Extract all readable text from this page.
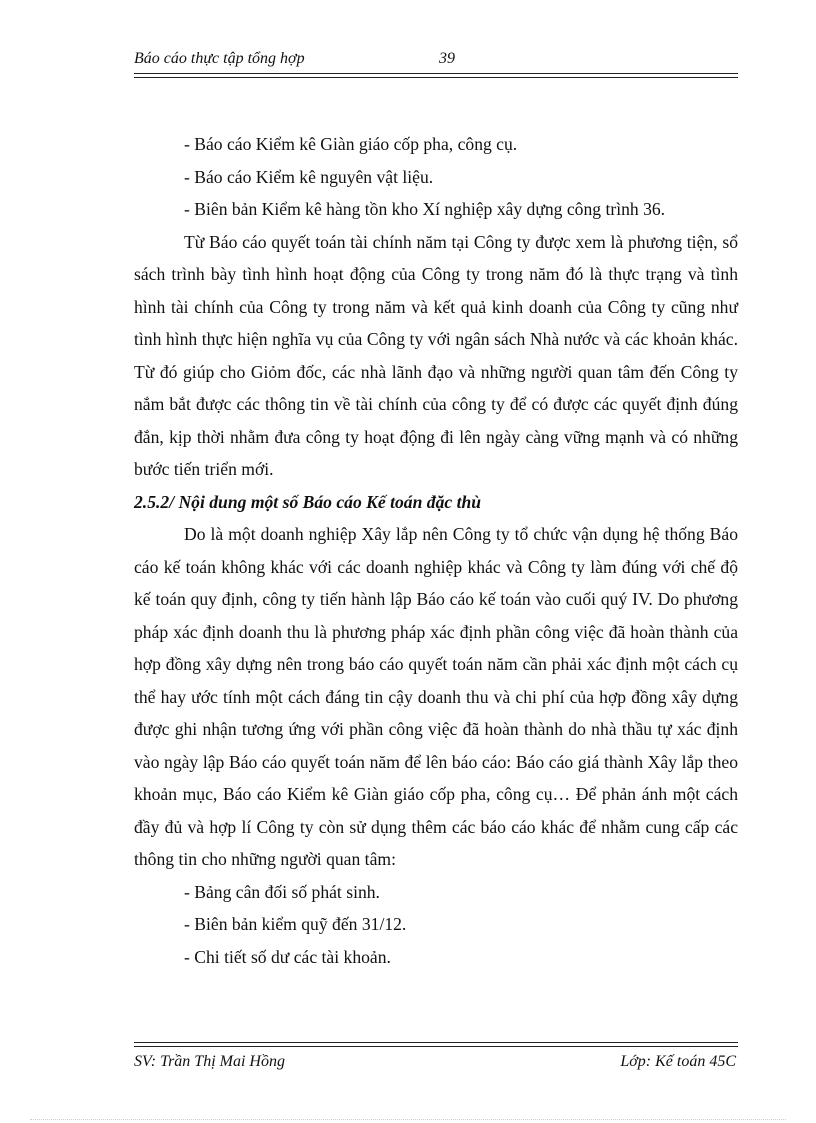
Báo cáo thực tập tổng hợp	39

- Báo cáo Kiểm kê Giàn giáo cốp pha, công cụ.

- Báo cáo Kiểm kê nguyên vật liệu.

- Biên bản Kiểm kê hàng tồn kho Xí nghiệp xây dựng công trình 36.

Từ Báo cáo quyết toán tài chính năm tại Công ty được xem là phương tiện, sổ sách trình bày tình hình hoạt động của Công ty trong năm đó là thực trạng và tình hình tài chính của Công ty trong năm và kết quả kinh doanh của Công ty cũng như tình hình thực hiện nghĩa vụ của Công ty với ngân sách Nhà nước và các khoản khác. Từ đó giúp cho Giỏm đốc, các nhà lãnh đạo và những người quan tâm đến Công ty nắm bắt được các thông tin về tài chính của công ty để có được các quyết định đúng đắn, kịp thời nhằm đưa công ty hoạt động đi lên ngày càng vững mạnh và có những bước tiến triển mới.

2.5.2/ Nội dung một số Báo cáo Kế toán đặc thù

Do là một doanh nghiệp Xây lắp nên Công ty tổ chức vận dụng hệ thống Báo cáo kế toán không khác với các doanh nghiệp khác và Công ty làm đúng với chế độ kế toán quy định, công ty tiến hành lập Báo cáo kế toán vào cuối quý IV. Do phương pháp xác định doanh thu là phương pháp xác định phần công việc đã hoàn thành của hợp đồng xây dựng nên trong báo cáo quyết toán năm cần phải xác định một cách cụ thể hay ước tính một cách đáng tin cậy doanh thu và chi phí của hợp đồng xây dựng được ghi nhận tương ứng với phần công việc đã hoàn thành do nhà thầu tự xác định vào ngày lập Báo cáo quyết toán năm để lên báo cáo: Báo cáo giá thành Xây lắp theo khoản mục, Báo cáo Kiểm kê Giàn giáo cốp pha, công cụ… Để phản ánh một cách đầy đủ và hợp lí Công ty còn sử dụng thêm các báo cáo khác để nhằm cung cấp các thông tin cho những người quan tâm:

- Bảng cân đối số phát sinh.

- Biên bản kiểm quỹ đến 31/12.

- Chi tiết số dư các tài khoản.

SV: Trần Thị Mai Hồng	Lớp: Kế toán 45C
